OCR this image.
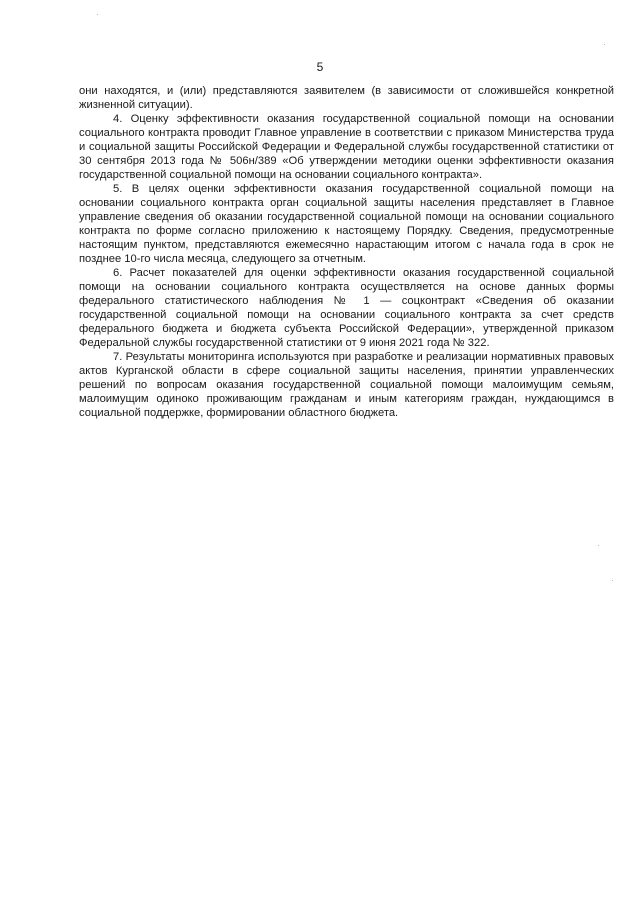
5

они находятся, и (или) представляются заявителем (в зависимости от сложившейся конкретной жизненной ситуации).

4. Оценку эффективности оказания государственной социальной помощи на основании социального контракта проводит Главное управление в соответствии с приказом Министерства труда и социальной защиты Российской Федерации и Федеральной службы государственной статистики от 30 сентября 2013 года № 506н/389 «Об утверждении методики оценки эффективности оказания государственной социальной помощи на основании социального контракта».

5. В целях оценки эффективности оказания государственной социальной помощи на основании социального контракта орган социальной защиты населения представляет в Главное управление сведения об оказании государственной социальной помощи на основании социального контракта по форме согласно приложению к настоящему Порядку. Сведения, предусмотренные настоящим пунктом, представляются ежемесячно нарастающим итогом с начала года в срок не позднее 10-го числа месяца, следующего за отчетным.

6. Расчет показателей для оценки эффективности оказания государственной социальной помощи на основании социального контракта осуществляется на основе данных формы федерального статистического наблюдения № 1 — соцконтракт «Сведения об оказании государственной социальной помощи на основании социального контракта за счет средств федерального бюджета и бюджета субъекта Российской Федерации», утвержденной приказом Федеральной службы государственной статистики от 9 июня 2021 года № 322.

7. Результаты мониторинга используются при разработке и реализации нормативных правовых актов Курганской области в сфере социальной защиты населения, принятии управленческих решений по вопросам оказания государственной социальной помощи малоимущим семьям, малоимущим одиноко проживающим гражданам и иным категориям граждан, нуждающимся в социальной поддержке, формировании областного бюджета.
